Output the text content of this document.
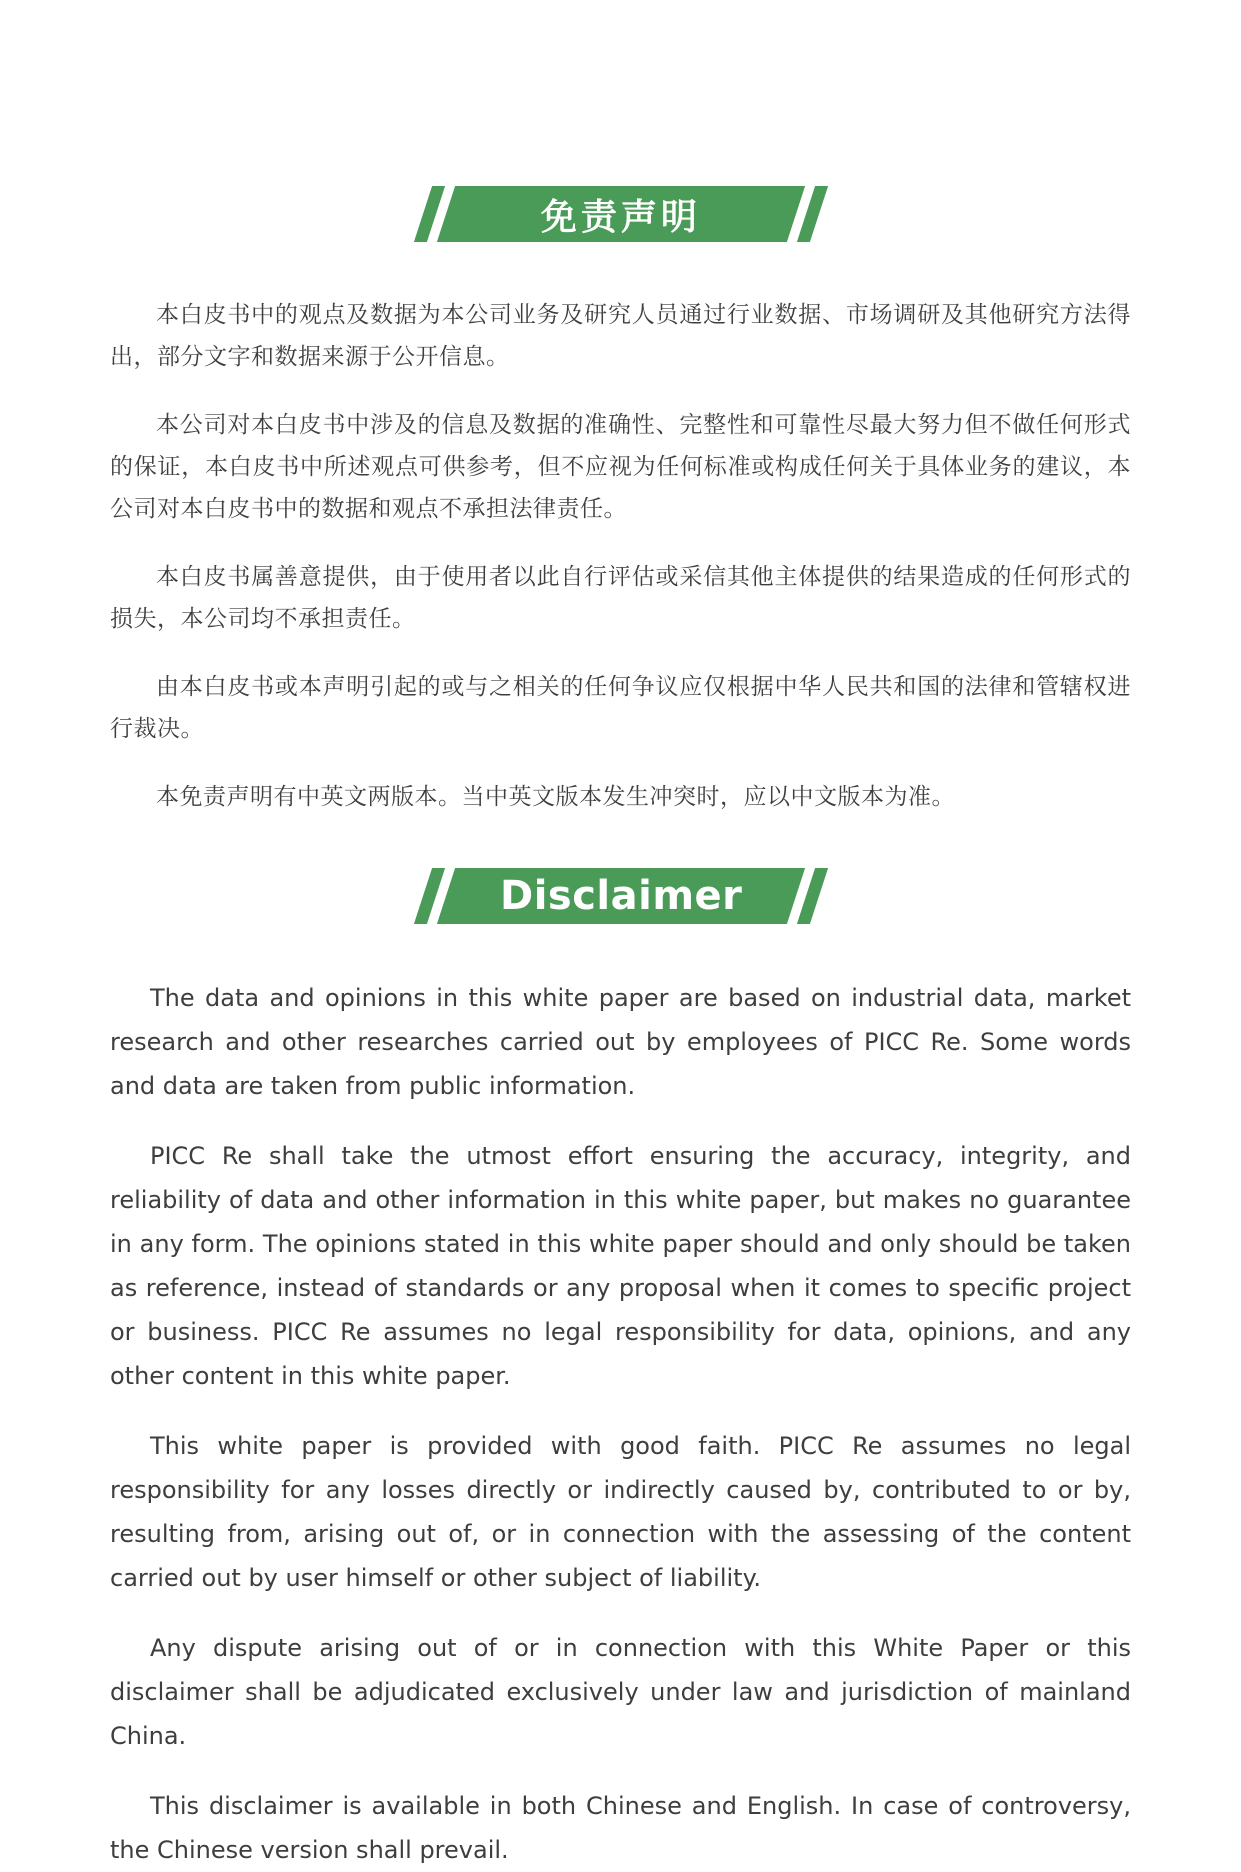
免责声明

本白皮书中的观点及数据为本公司业务及研究人员通过行业数据、市场调研及其他研究方法得出，部分文字和数据来源于公开信息。

本公司对本白皮书中涉及的信息及数据的准确性、完整性和可靠性尽最大努力但不做任何形式的保证，本白皮书中所述观点可供参考，但不应视为任何标准或构成任何关于具体业务的建议，本公司对本白皮书中的数据和观点不承担法律责任。

本白皮书属善意提供，由于使用者以此自行评估或采信其他主体提供的结果造成的任何形式的损失，本公司均不承担责任。

由本白皮书或本声明引起的或与之相关的任何争议应仅根据中华人民共和国的法律和管辖权进行裁决。

本免责声明有中英文两版本。当中英文版本发生冲突时，应以中文版本为准。

Disclaimer

The data and opinions in this white paper are based on industrial data, market research and other researches carried out by employees of PICC Re. Some words and data are taken from public information.

PICC Re shall take the utmost effort ensuring the accuracy, integrity, and reliability of data and other information in this white paper, but makes no guarantee in any form. The opinions stated in this white paper should and only should be taken as reference, instead of standards or any proposal when it comes to specific project or business. PICC Re assumes no legal responsibility for data, opinions, and any other content in this white paper.

This white paper is provided with good faith. PICC Re assumes no legal responsibility for any losses directly or indirectly caused by, contributed to or by, resulting from, arising out of, or in connection with the assessing of the content carried out by user himself or other subject of liability.

Any dispute arising out of or in connection with this White Paper or this disclaimer shall be adjudicated exclusively under law and jurisdiction of mainland China.

This disclaimer is available in both Chinese and English. In case of controversy, the Chinese version shall prevail.
